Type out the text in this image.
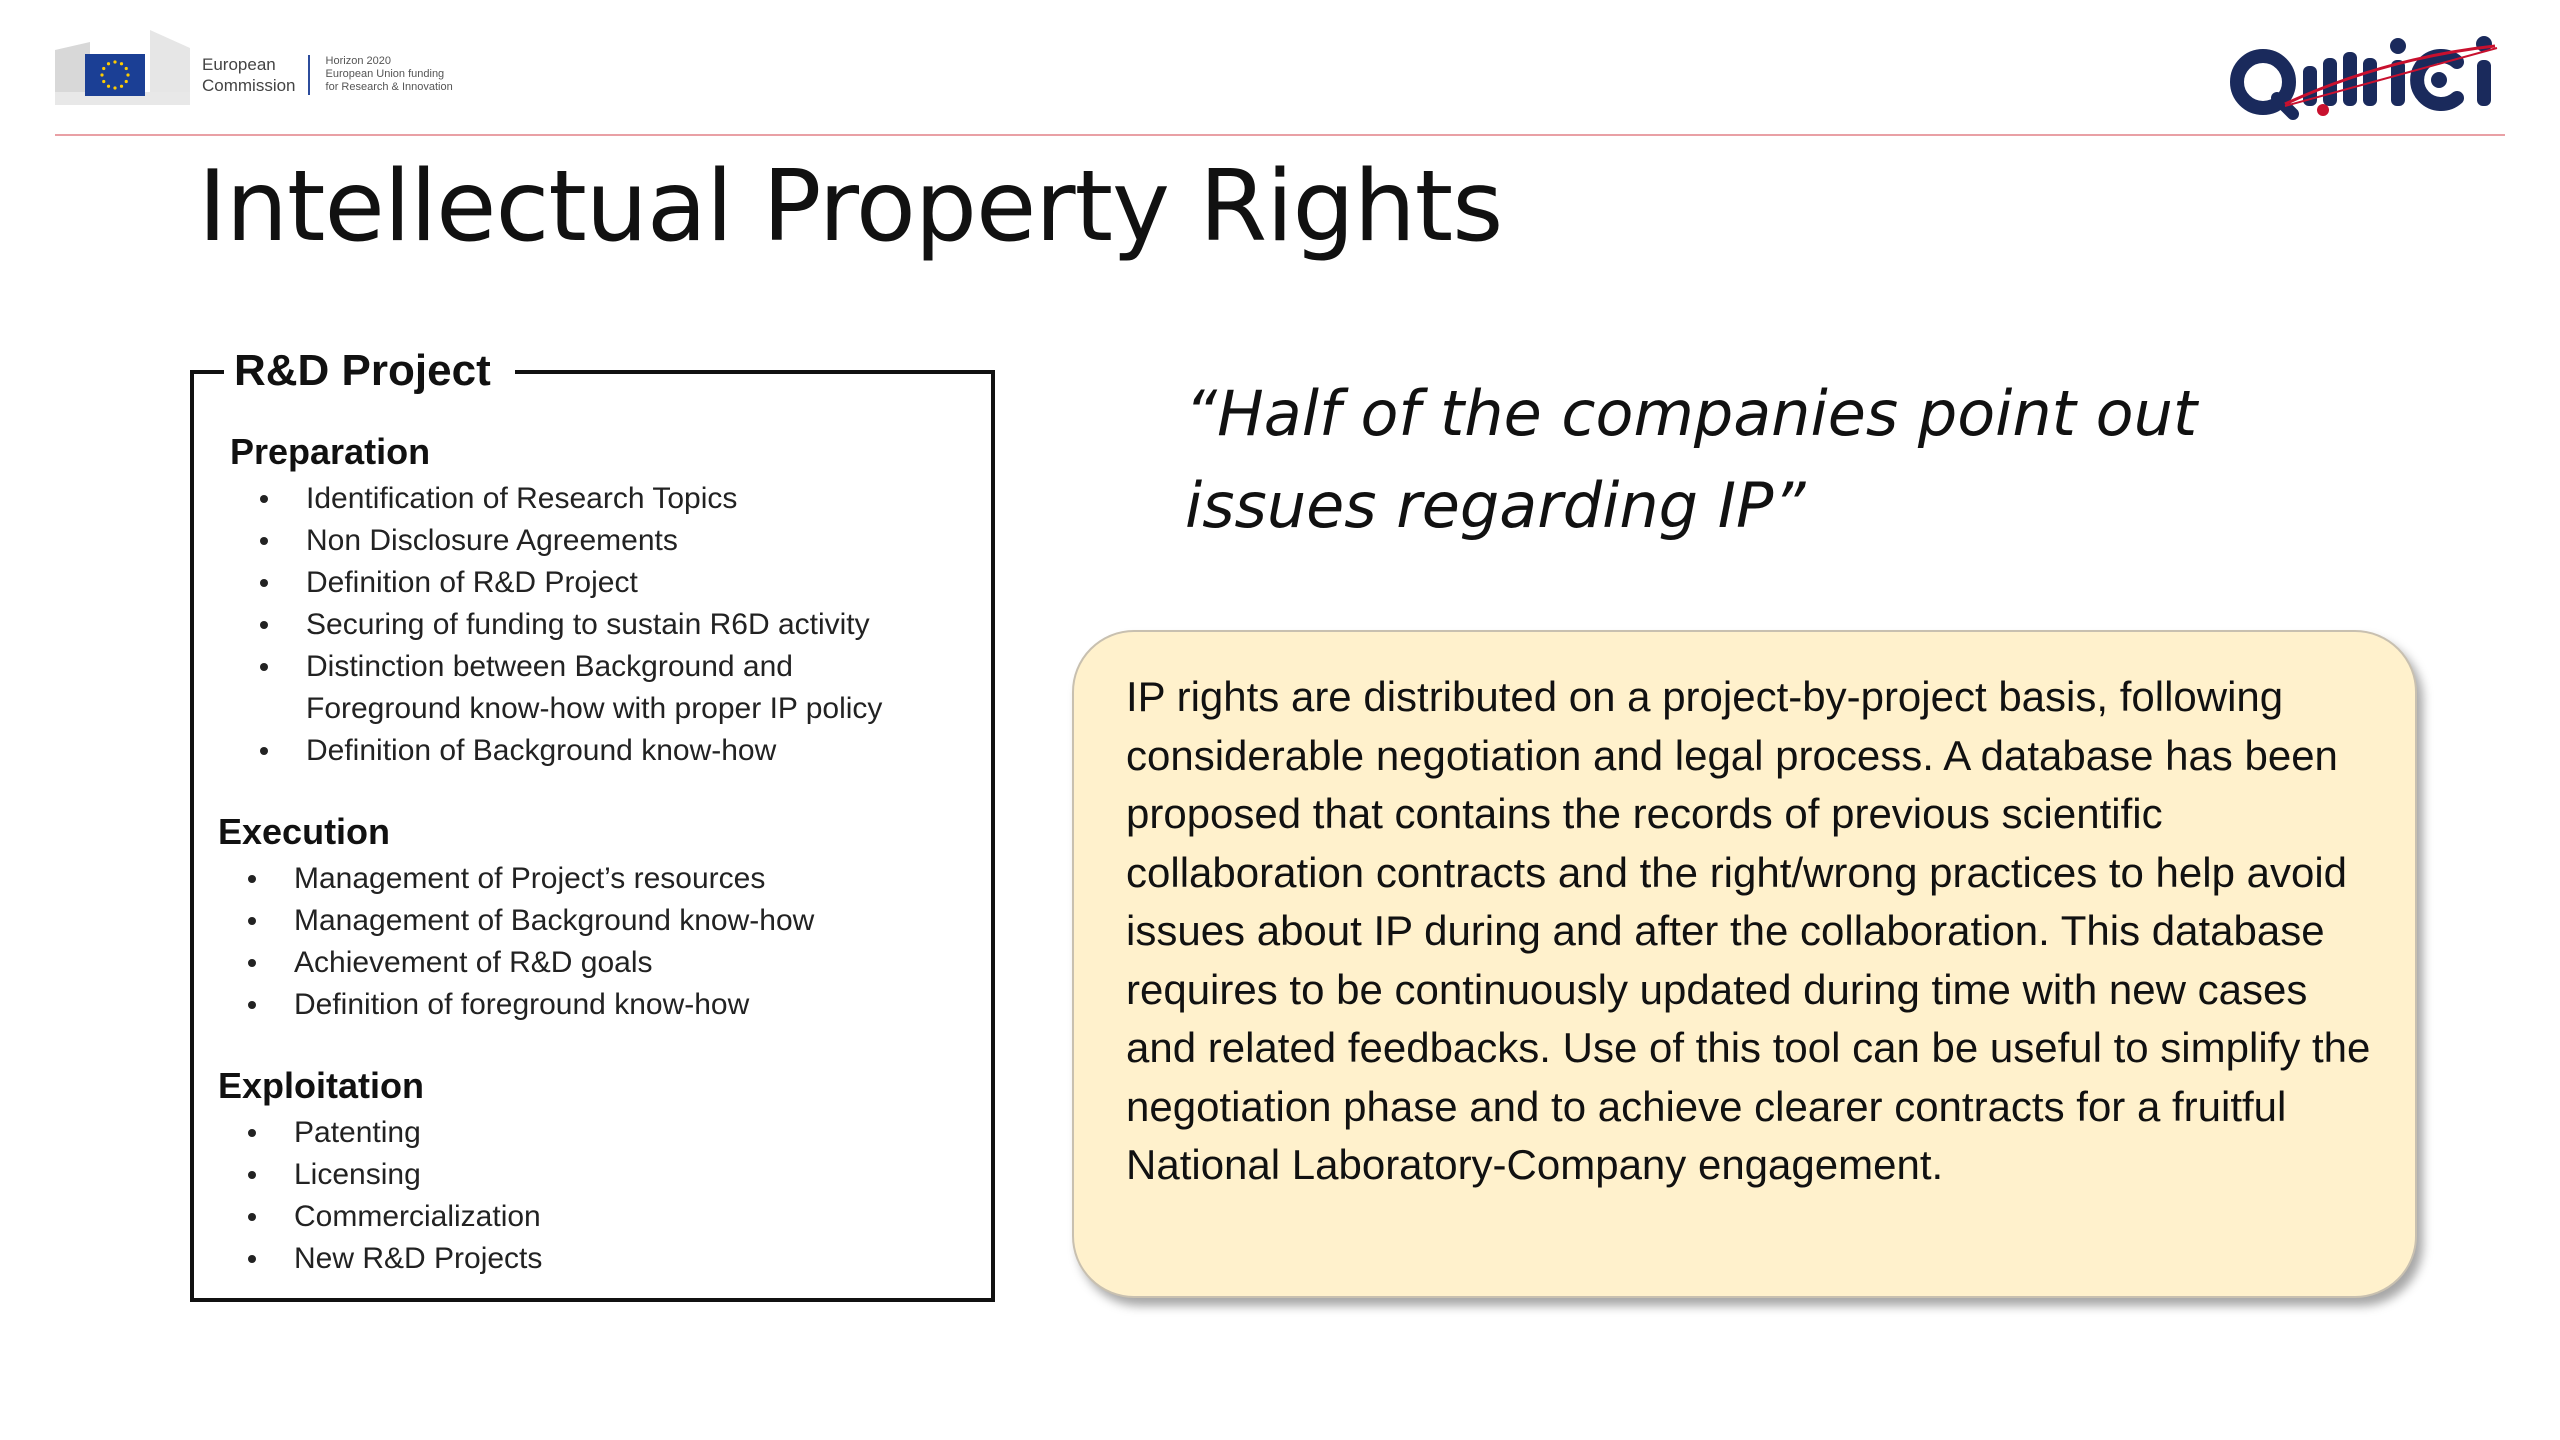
European
Commission
Horizon 2020
European Union funding
for Research & Innovation
Intellectual Property Rights
R&D Project
Preparation
Identification of Research Topics
Non Disclosure Agreements
Definition of R&D Project
Securing of funding to sustain R6D activity
Distinction between Background and
Foreground know-how with proper IP policy
Definition of Background know-how
Execution
Management of Project’s resources
Management of Background know-how
Achievement of R&D goals
Definition of foreground know-how
Exploitation
Patenting
Licensing
Commercialization
New R&D Projects

“Half of the companies point out
issues regarding IP”

IP rights are distributed on a project-by-project basis, following considerable negotiation and legal process. A database has been proposed that contains the records of previous scientific collaboration contracts and the right/wrong practices to help avoid issues about IP during and after the collaboration. This database requires to be continuously updated during time with new cases and related feedbacks. Use of this tool can be useful to simplify the negotiation phase and to achieve clearer contracts for a fruitful National Laboratory-Company engagement.
